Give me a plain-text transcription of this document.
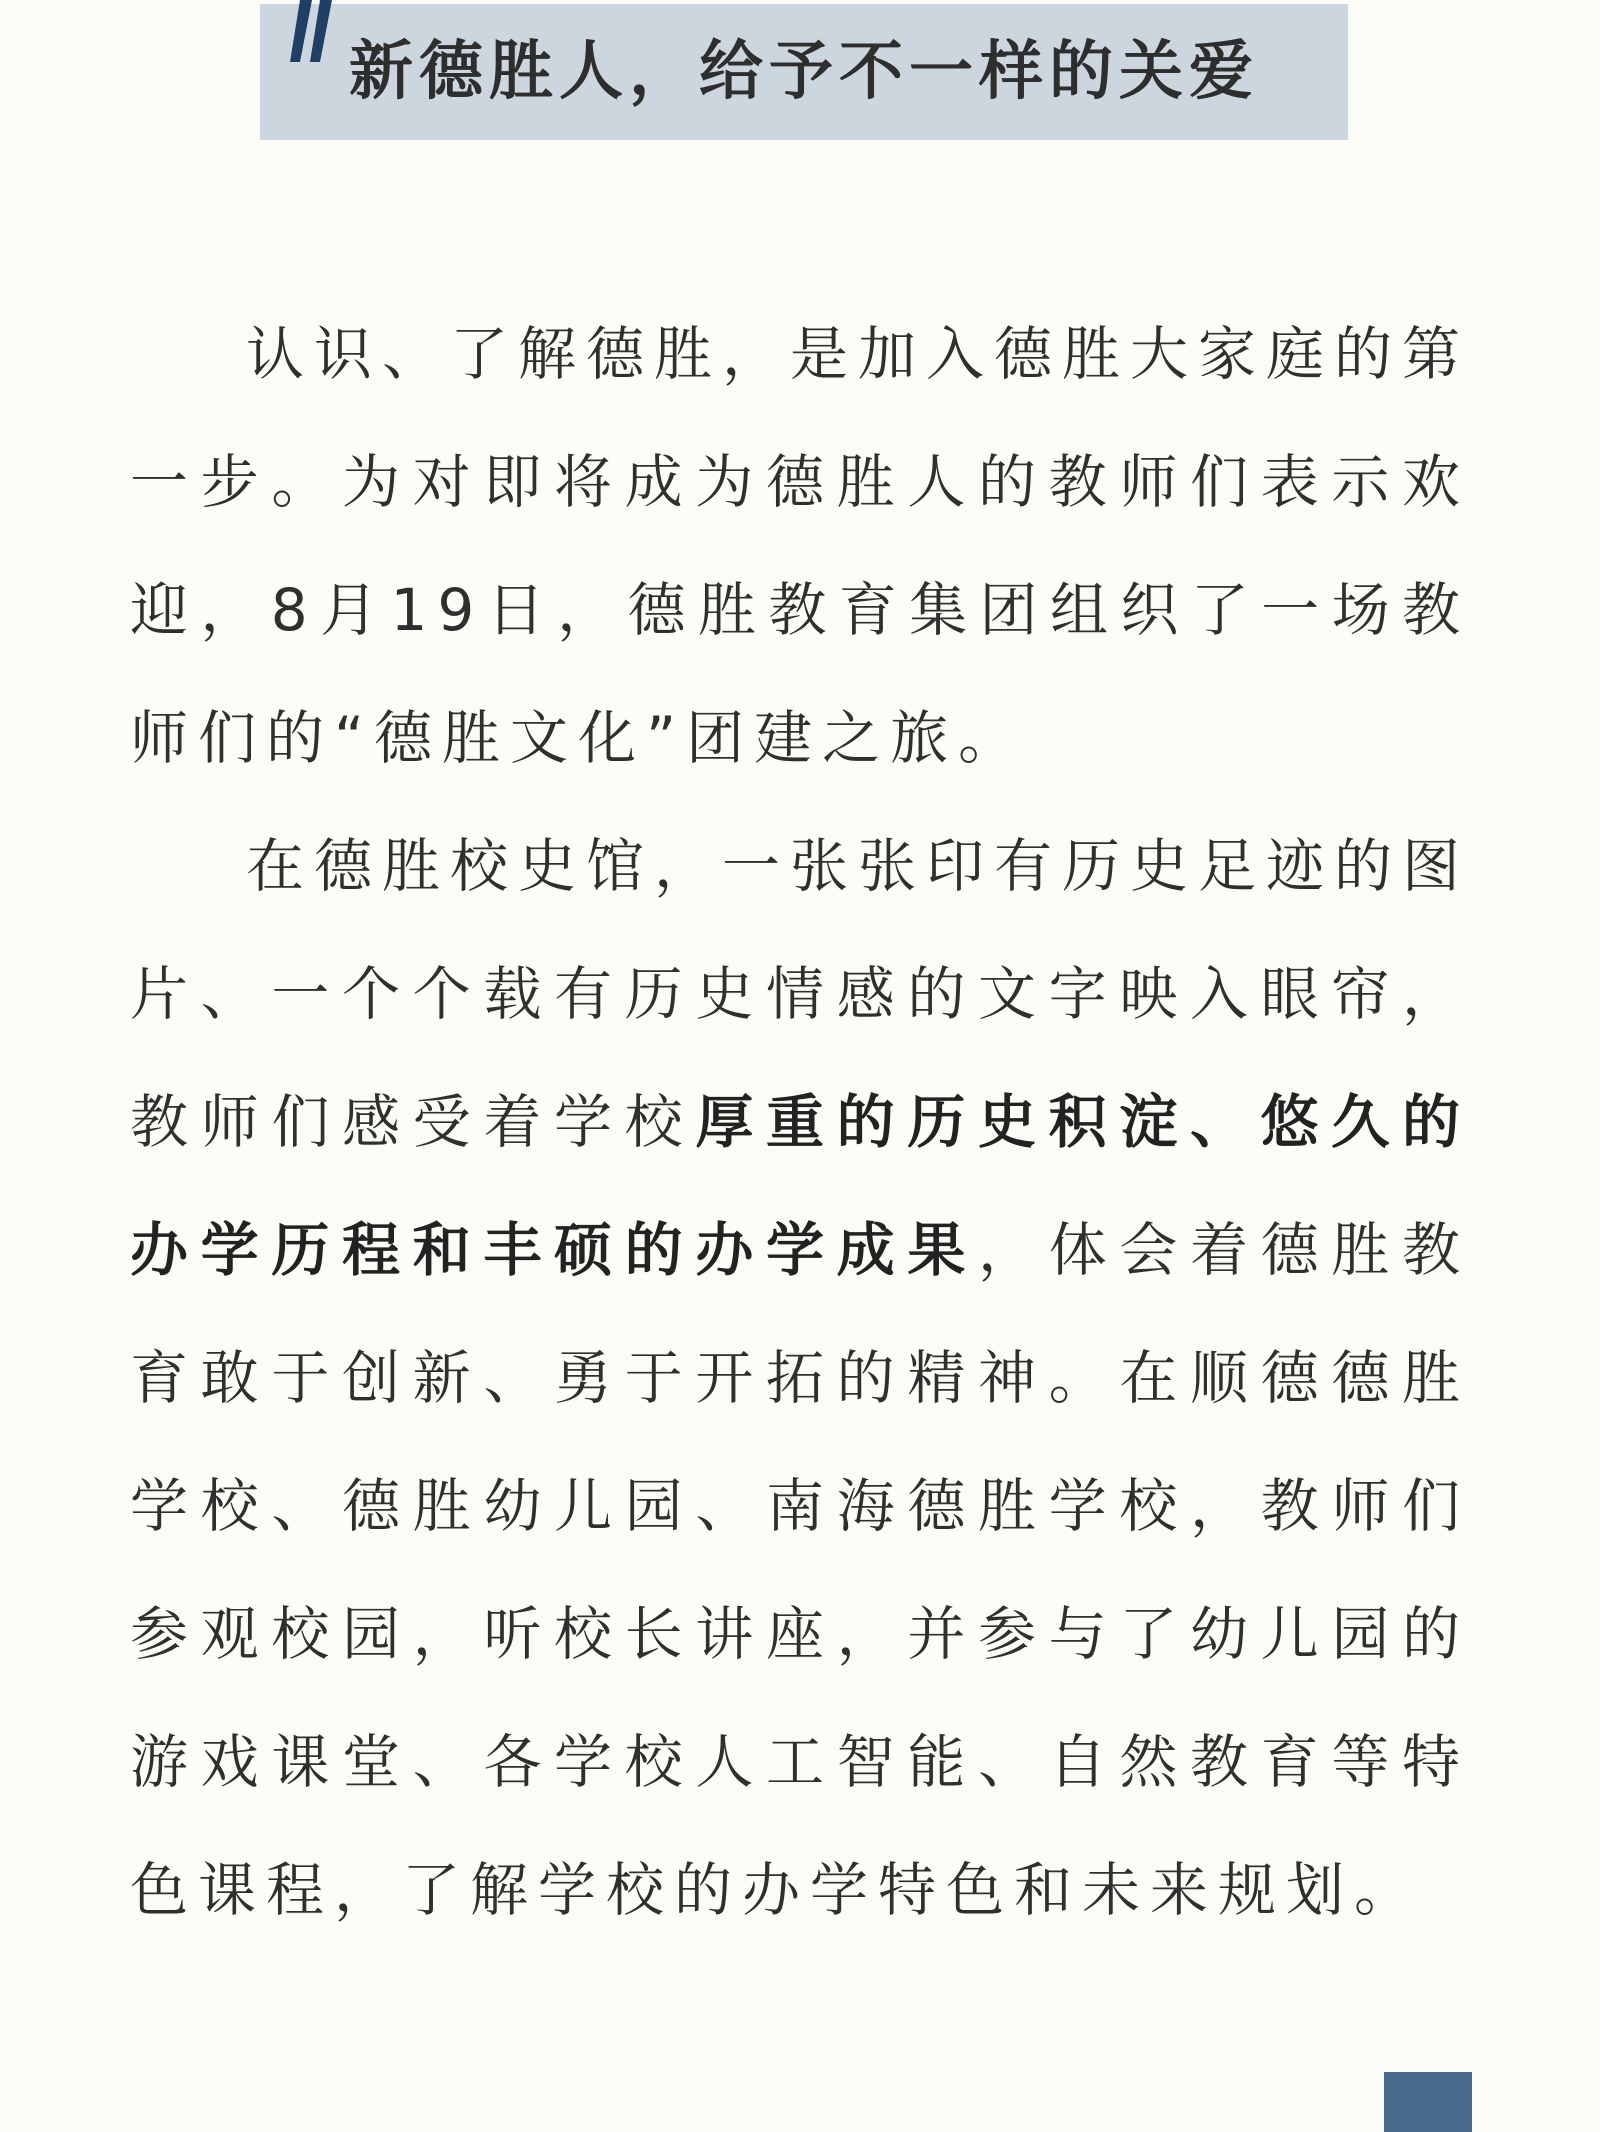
新德胜人，给予不一样的关爱

认识、了解德胜，是加入德胜大家庭的第一步。为对即将成为德胜人的教师们表示欢迎，8月19日，德胜教育集团组织了一场教师们的“德胜文化”团建之旅。

在德胜校史馆，一张张印有历史足迹的图片、一个个载有历史情感的文字映入眼帘，教师们感受着学校厚重的历史积淀、悠久的办学历程和丰硕的办学成果，体会着德胜教育敢于创新、勇于开拓的精神。在顺德德胜学校、德胜幼儿园、南海德胜学校，教师们参观校园，听校长讲座，并参与了幼儿园的游戏课堂、各学校人工智能、自然教育等特色课程，了解学校的办学特色和未来规划。
